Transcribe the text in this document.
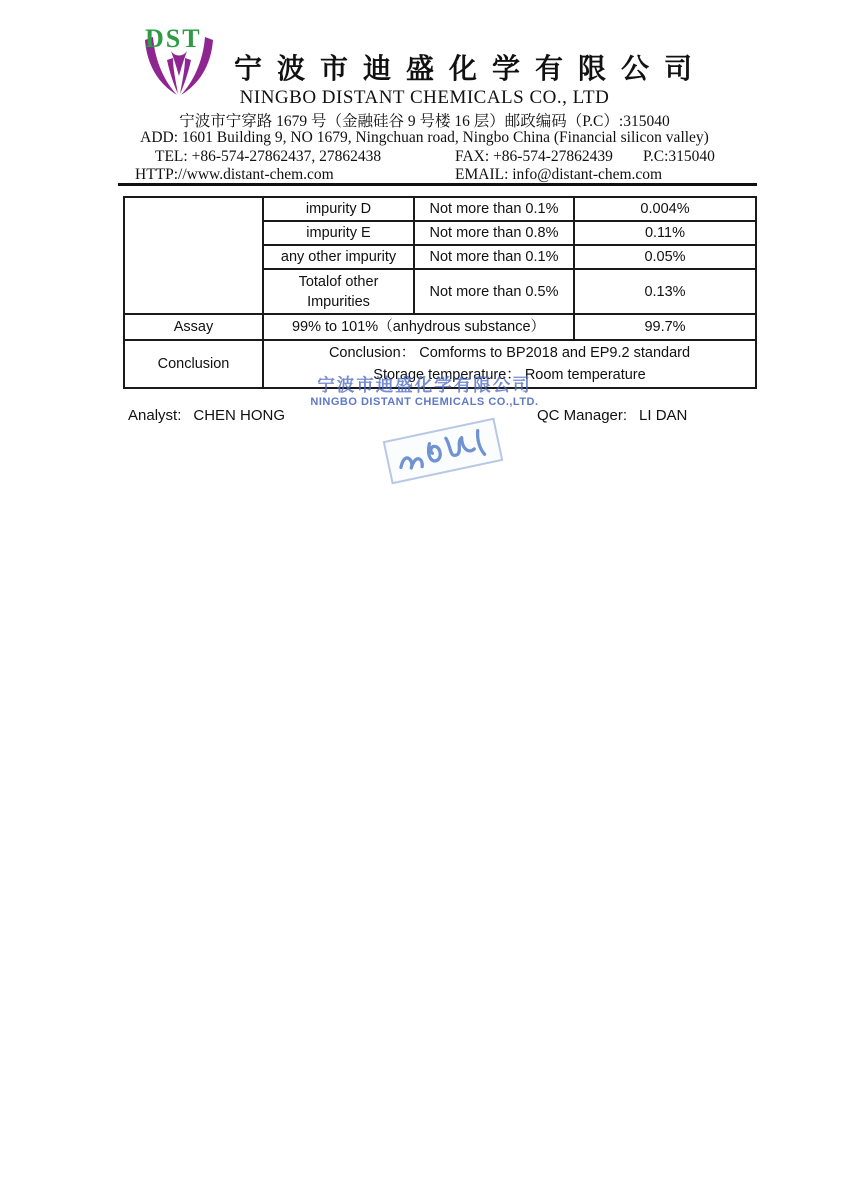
DST
宁波市迪盛化学有限公司
NINGBO DISTANT CHEMICALS CO., LTD
宁波市宁穿路 1679 号（金融硅谷 9 号楼 16 层）邮政编码（P.C）:315040
ADD: 1601 Building 9, NO 1679, Ningchuan road, Ningbo China (Financial silicon valley)
TEL: +86-574-27862437, 27862438	FAX: +86-574-27862439 P.C:315040
HTTP://www.distant-chem.com	EMAIL: info@distant-chem.com
	impurity D	Not more than 0.1%	0.004%
	impurity E	Not more than 0.8%	0.11%
	any other impurity	Not more than 0.1%	0.05%
	Totalof other Impurities	Not more than 0.5%	0.13%
Assay	99% to 101%（anhydrous substance）		99.7%
Conclusion	Conclusion： Comforms to BP2018 and EP9.2 standard
Storage temperature： Room temperature		
宁波市迪盛化学有限公司
NINGBO DISTANT CHEMICALS CO.,LTD.
Analyst: CHEN HONG	QC Manager: LI DAN
